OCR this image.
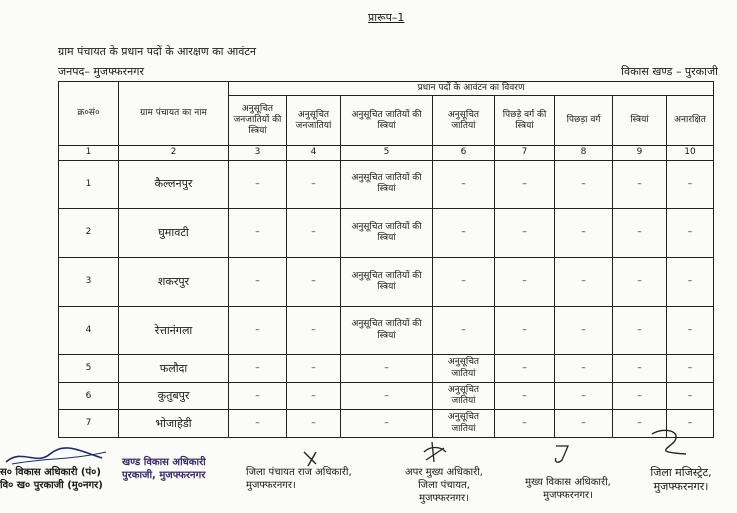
प्रारूप–1
ग्राम पंचायत के प्रधान पदों के आरक्षण का आवंटन
जनपद– मुजफ्फरनगर	विकास खण्ड – पुरकाजी
क्र०सं०	ग्राम पंचायत का नाम	प्रधान पदों के आवंटन का विवरण							
		अनुसूचित जनजातियों की स्त्रियां	अनुसूचित जनजातियां	अनुसूचित जातियों की स्त्रियां	अनुसूचित जातियां	पिछड़े वर्ग की स्त्रियां	पिछड़ा वर्ग	स्त्रियां	अनारक्षित
1	2	3	4	5	6	7	8	9	10
1	कैल्लनपुर	–	–	अनुसूचित जातियों की स्त्रियां	–	–	–	–	–
2	घुमावटी	–	–	अनुसूचित जातियों की स्त्रियां	–	–	–	–	–
3	शकरपुर	–	–	अनुसूचित जातियों की स्त्रियां	–	–	–	–	–
4	रेत्तानंगला	–	–	अनुसूचित जातियों की स्त्रियां	–	–	–	–	–
5	फलौदा	–	–	–	अनुसूचित जातियां	–	–	–	–
6	कुतुबपुर	–	–	–	अनुसूचित जातियां	–	–	–	–
7	भोजाहेडी	–	–	–	अनुसूचित जातियां	–	–	–	–
स० विकास अधिकारी (पं०)
वि० ख० पुरकाजी (मु०नगर)
खण्ड विकास अधिकारी
पुरकाजी, मुजफ्फरनगर	जिला पंचायत राज अधिकारी,
मुजफ्फरनगर।
अपर मुख्य अधिकारी,
जिला पंचायत,
मुजफ्फरनगर।
मुख्य विकास अधिकारी,
मुजफ्फरनगर।
जिला मजिस्ट्रेट,
मुजफ्फरनगर।
